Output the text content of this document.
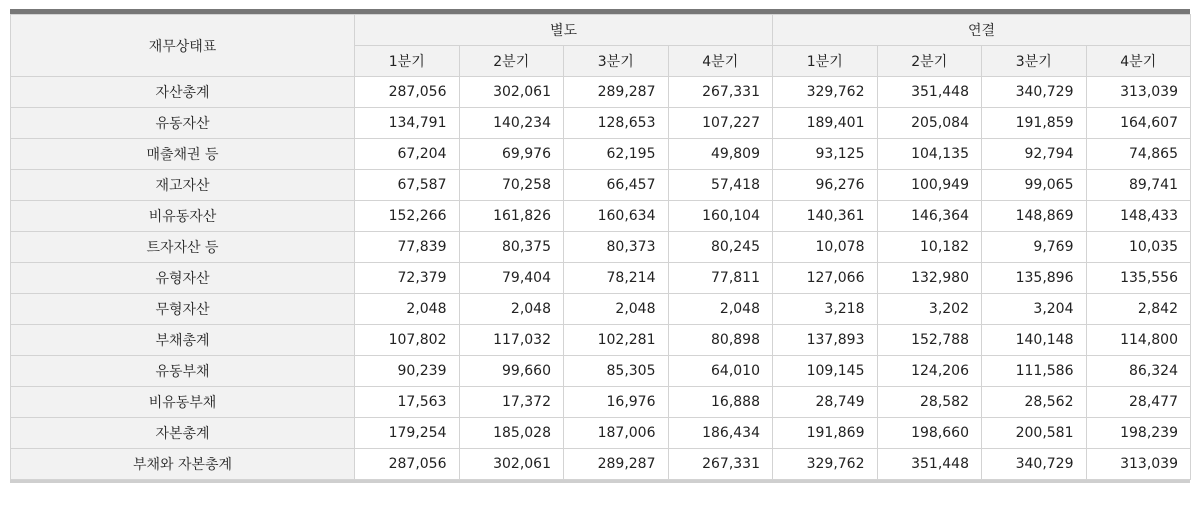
재무상태표	별도				연결			
	1분기	2분기	3분기	4분기	1분기	2분기	3분기	4분기
자산총계	287,056	302,061	289,287	267,331	329,762	351,448	340,729	313,039
유동자산	134,791	140,234	128,653	107,227	189,401	205,084	191,859	164,607
매출채권 등	67,204	69,976	62,195	49,809	93,125	104,135	92,794	74,865
재고자산	67,587	70,258	66,457	57,418	96,276	100,949	99,065	89,741
비유동자산	152,266	161,826	160,634	160,104	140,361	146,364	148,869	148,433
트자자산 등	77,839	80,375	80,373	80,245	10,078	10,182	9,769	10,035
유형자산	72,379	79,404	78,214	77,811	127,066	132,980	135,896	135,556
무형자산	2,048	2,048	2,048	2,048	3,218	3,202	3,204	2,842
부채총계	107,802	117,032	102,281	80,898	137,893	152,788	140,148	114,800
유동부채	90,239	99,660	85,305	64,010	109,145	124,206	111,586	86,324
비유동부채	17,563	17,372	16,976	16,888	28,749	28,582	28,562	28,477
자본총계	179,254	185,028	187,006	186,434	191,869	198,660	200,581	198,239
부채와 자본총계	287,056	302,061	289,287	267,331	329,762	351,448	340,729	313,039
